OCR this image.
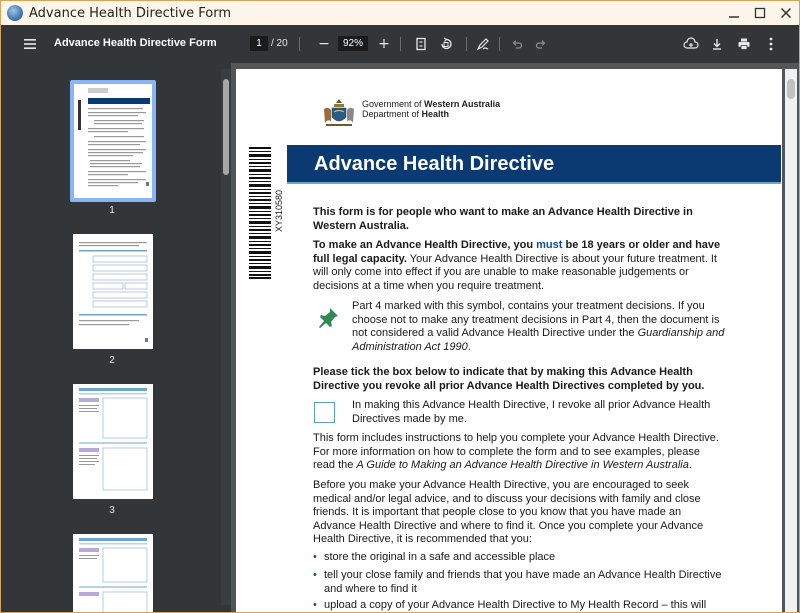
Advance Health Directive Form
Advance Health Directive Form	1 / 20	−	92%	+
1
2
3
Government of Western Australia
Department of Health
XY310580
Advance Health Directive
This form is for people who want to make an Advance Health Directive in Western Australia.
To make an Advance Health Directive, you must be 18 years or older and have full legal capacity. Your Advance Health Directive is about your future treatment. It will only come into effect if you are unable to make reasonable judgements or decisions at a time when you require treatment.
Part 4 marked with this symbol, contains your treatment decisions. If you choose not to make any treatment decisions in Part 4, then the document is not considered a valid Advance Health Directive under the Guardianship and Administration Act 1990.
Please tick the box below to indicate that by making this Advance Health Directive you revoke all prior Advance Health Directives completed by you.
In making this Advance Health Directive, I revoke all prior Advance Health Directives made by me.
This form includes instructions to help you complete your Advance Health Directive. For more information on how to complete the form and to see examples, please read the A Guide to Making an Advance Health Directive in Western Australia.
Before you make your Advance Health Directive, you are encouraged to seek medical and/or legal advice, and to discuss your decisions with family and close friends. It is important that people close to you know that you have made an Advance Health Directive and where to find it. Once you complete your Advance Health Directive, it is recommended that you:
• store the original in a safe and accessible place
• tell your close family and friends that you have made an Advance Health Directive and where to find it
• upload a copy of your Advance Health Directive to My Health Record – this will
